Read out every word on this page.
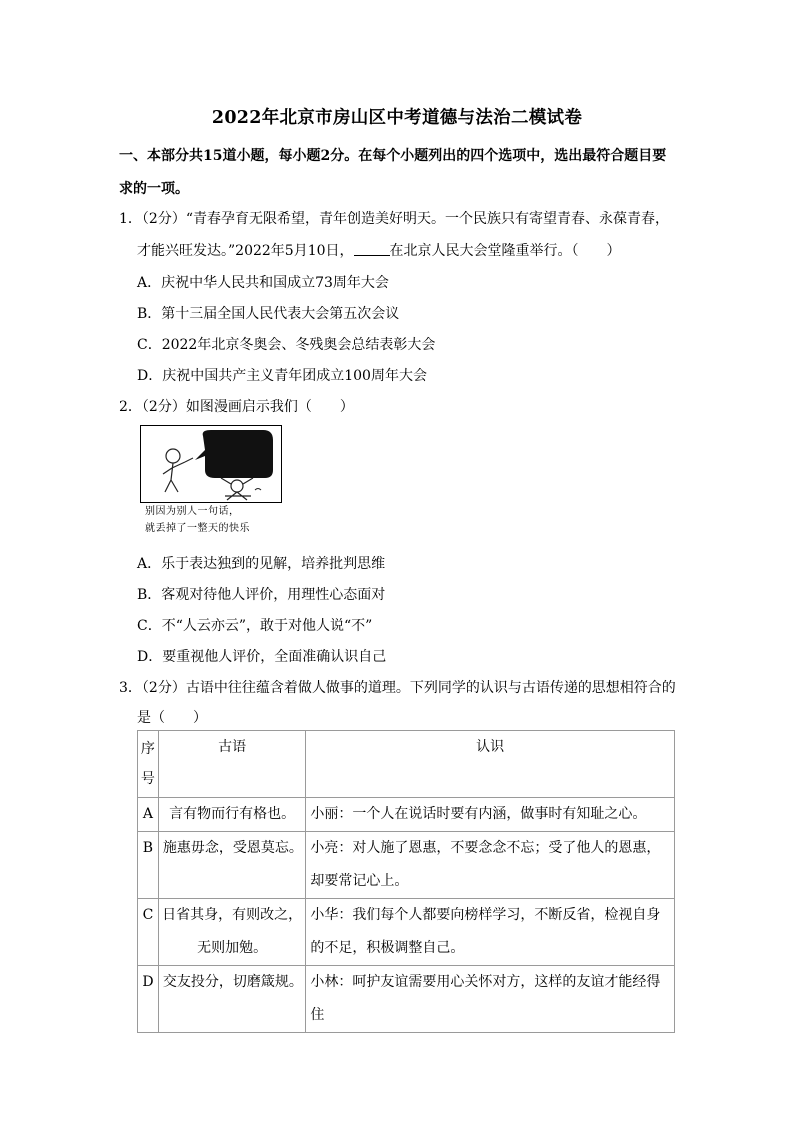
2022年北京市房山区中考道德与法治二模试卷
一、本部分共15道小题，每小题2分。在每个小题列出的四个选项中，选出最符合题目要
求的一项。
1．（2分）“青春孕育无限希望，青年创造美好明天。一个民族只有寄望青春、永葆青春，
才能兴旺发达。”2022年5月10日，	在北京人民大会堂隆重举行。（　　）
A．庆祝中华人民共和国成立73周年大会
B．第十三届全国人民代表大会第五次会议
C．2022年北京冬奥会、冬残奥会总结表彰大会
D．庆祝中国共产主义青年团成立100周年大会
2．（2分）如图漫画启示我们（　　）
别因为别人一句话，
就丢掉了一整天的快乐
A．乐于表达独到的见解，培养批判思维
B．客观对待他人评价，用理性心态面对
C．不“人云亦云”，敢于对他人说“不”
D．要重视他人评价，全面准确认识自己
3．（2分）古语中往往蕴含着做人做事的道理。下列同学的认识与古语传递的思想相符合的
是（　　）
序号	古语	认识
A	言有物而行有格也。	小丽：一个人在说话时要有内涵，做事时有知耻之心。
B	施惠毋念，受恩莫忘。	小亮：对人施了恩惠，不要念念不忘；受了他人的恩惠，却要常记心上。
C	日省其身，有则改之，无则加勉。	小华：我们每个人都要向榜样学习，不断反省，检视自身的不足，积极调整自己。
D	交友投分，切磨箴规。	小林：呵护友谊需要用心关怀对方，这样的友谊才能经得住
